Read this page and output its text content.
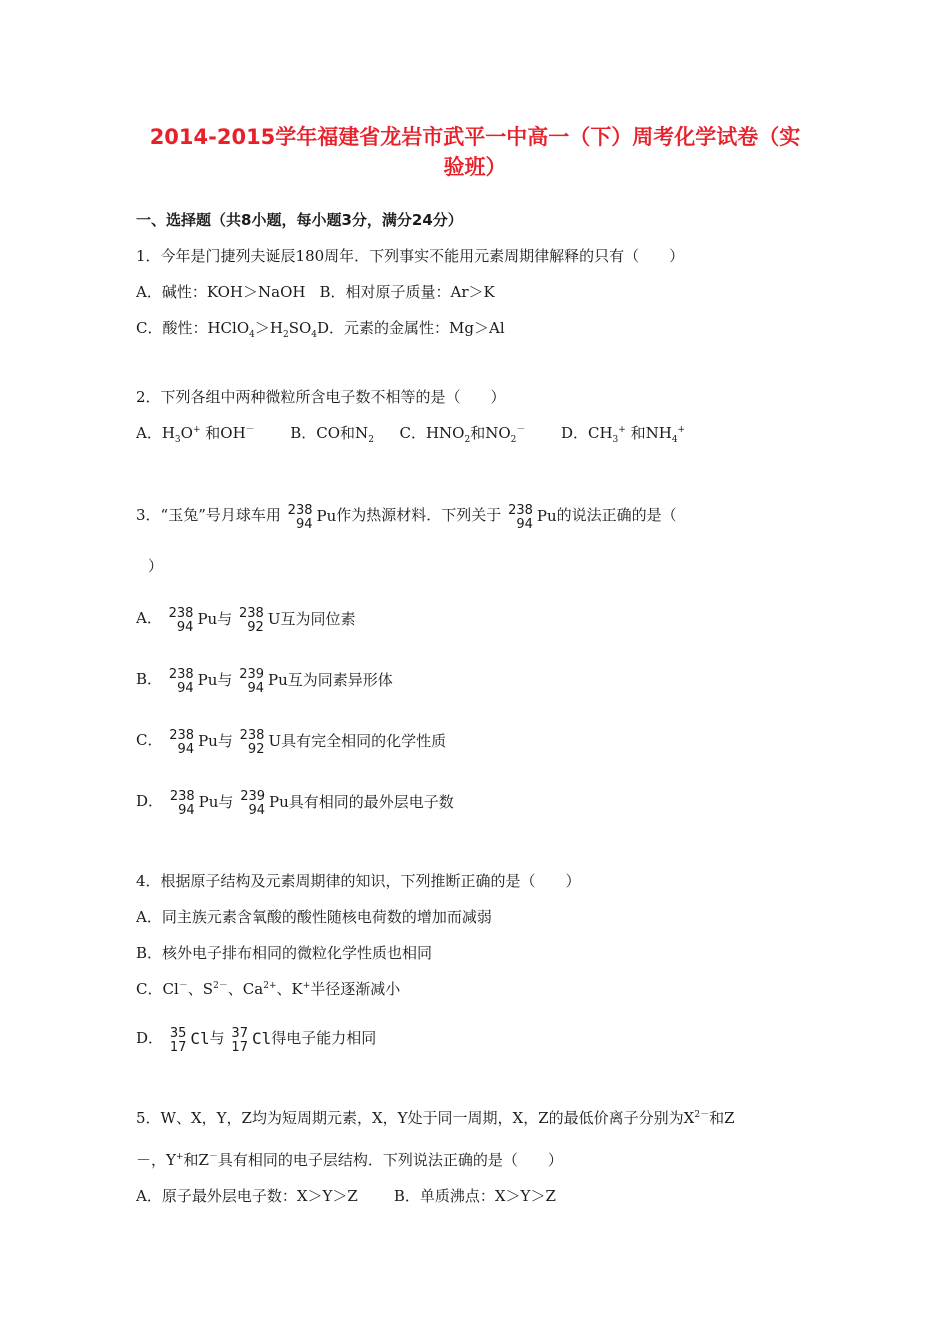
2014-2015学年福建省龙岩市武平一中高一（下）周考化学试卷（实
验班）
一、选择题（共8小题，每小题3分，满分24分）
1．今年是门捷列夫诞辰180周年．下列事实不能用元素周期律解释的只有（　　）
A．碱性：KOH＞NaOH B．相对原子质量：Ar＞K
C．酸性：$HClO_4>H_2SO_4D$．元素的金属性：Mg＞Al
2．下列各组中两种微粒所含电子数不相等的是（　　）
A．$H_3O^+$ 和OH－ B．CO和$N_2$ C．$HNO_2$和$NO_2^-$ D．$CH_3^+$ 和$NH_4^+$
3．“玉兔”号月球车用 238
94 Pu 作为热源材料．下列关于 238
94 Pu 的说法正确的是（
）
A． 238
94 Pu与
238
92 U互为同位素
B． 238
94 Pu与
239
94 Pu互为同素异形体
C． 238
94 Pu与
238
92 U具有完全相同的化学性质
D． 238
94 Pu与
239
94 Pu具有相同的最外层电子数
4．根据原子结构及元素周期律的知识，下列推断正确的是（　　）
A．同主族元素含氧酸的酸性随核电荷数的增加而减弱
B．核外电子排布相同的微粒化学性质也相同
C．Cl－、$S^{2-}$、$Ca^{2+}$、K+半径逐渐减小
D． 35
17 Cl 与 37
17 Cl 得电子能力相同
5．W、X，Y，Z均为短周期元素，X，Y处于同一周期，X，Z的最低价离子分别为$X^{2-}$和Z
－，Y+和Z－具有相同的电子层结构．下列说法正确的是（　　）
A．原子最外层电子数：X＞Y＞Z B．单质沸点：X＞Y＞Z
